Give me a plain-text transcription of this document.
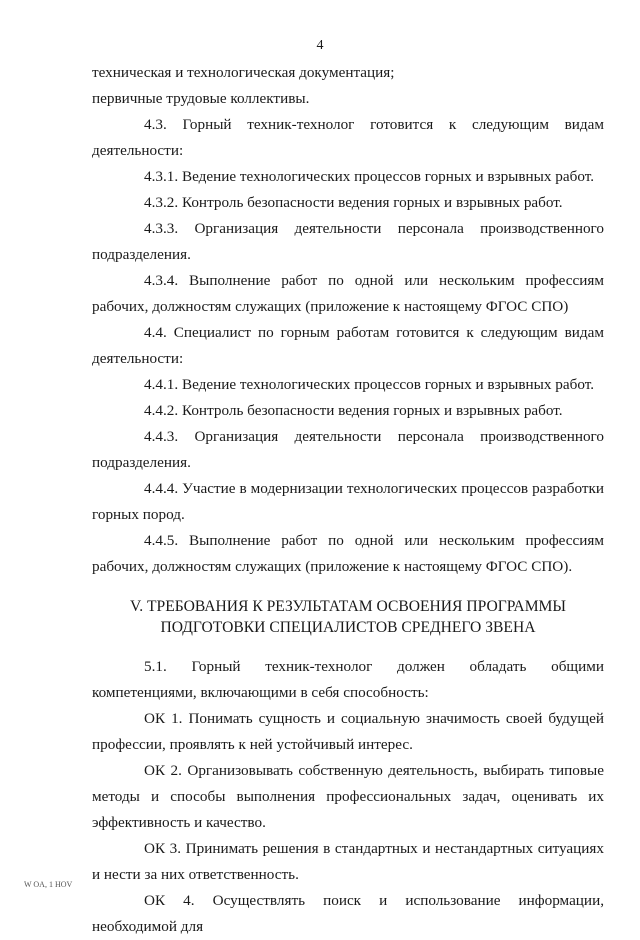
4

техническая и технологическая документация;

первичные трудовые коллективы.

4.3. Горный техник-технолог готовится к следующим видам деятельности:

4.3.1. Ведение технологических процессов горных и взрывных работ.

4.3.2. Контроль безопасности ведения горных и взрывных работ.

4.3.3. Организация деятельности персонала производственного подразделения.

4.3.4. Выполнение работ по одной или нескольким профессиям рабочих, должностям служащих (приложение к настоящему ФГОС СПО)

4.4. Специалист по горным работам готовится к следующим видам деятельности:

4.4.1. Ведение технологических процессов горных и взрывных работ.

4.4.2. Контроль безопасности ведения горных и взрывных работ.

4.4.3. Организация деятельности персонала производственного подразделения.

4.4.4. Участие в модернизации технологических процессов разработки горных пород.

4.4.5. Выполнение работ по одной или нескольким профессиям рабочих, должностям служащих (приложение к настоящему ФГОС СПО).

V. ТРЕБОВАНИЯ К РЕЗУЛЬТАТАМ ОСВОЕНИЯ ПРОГРАММЫ
ПОДГОТОВКИ СПЕЦИАЛИСТОВ СРЕДНЕГО ЗВЕНА

5.1. Горный техник-технолог должен обладать общими компетенциями, включающими в себя способность:

ОК 1. Понимать сущность и социальную значимость своей будущей профессии, проявлять к ней устойчивый интерес.

ОК 2. Организовывать собственную деятельность, выбирать типовые методы и способы выполнения профессиональных задач, оценивать их эффективность и качество.

ОК 3. Принимать решения в стандартных и нестандартных ситуациях и нести за них ответственность.

ОК 4. Осуществлять поиск и использование информации, необходимой для

W OA, 1 HOV
